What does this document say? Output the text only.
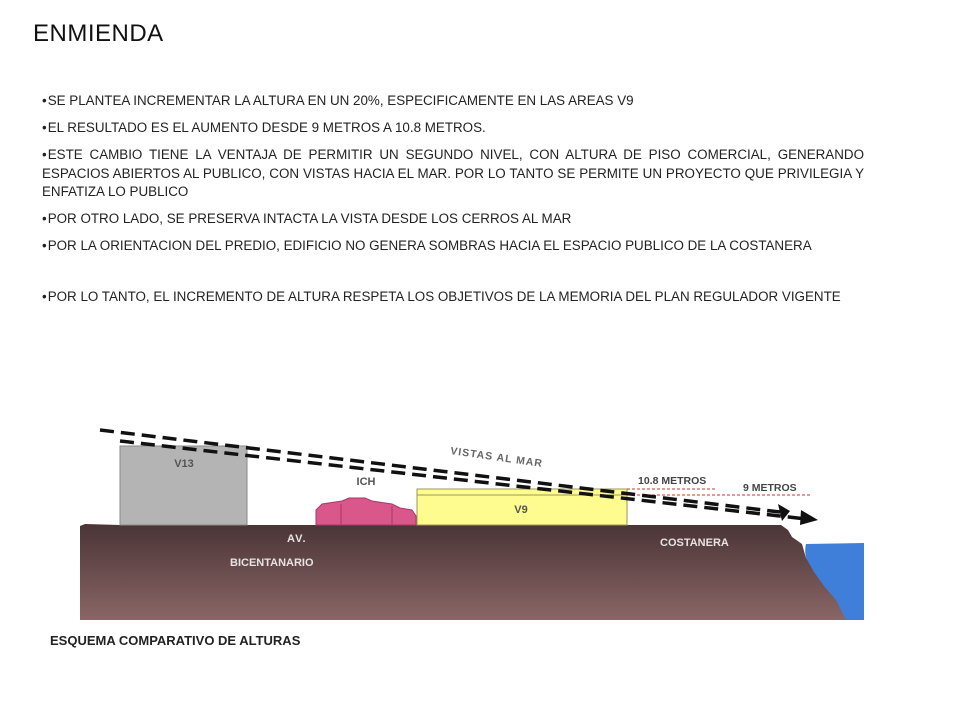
ENMIENDA
• SE PLANTEA INCREMENTAR LA ALTURA EN UN 20%, ESPECIFICAMENTE EN LAS AREAS V9
• EL RESULTADO ES EL AUMENTO DESDE 9 METROS A 10.8 METROS.
• ESTE CAMBIO TIENE LA VENTAJA DE PERMITIR UN SEGUNDO NIVEL, CON ALTURA DE PISO COMERCIAL, GENERANDO ESPACIOS ABIERTOS AL PUBLICO, CON VISTAS HACIA EL MAR. POR LO TANTO SE PERMITE UN PROYECTO QUE PRIVILEGIA Y ENFATIZA LO PUBLICO
• POR OTRO LADO, SE PRESERVA INTACTA LA VISTA DESDE LOS CERROS AL MAR
• POR LA ORIENTACION DEL PREDIO, EDIFICIO NO GENERA SOMBRAS HACIA EL ESPACIO PUBLICO DE LA COSTANERA
• POR LO TANTO, EL INCREMENTO DE ALTURA RESPETA LOS OBJETIVOS DE LA MEMORIA DEL PLAN REGULADOR VIGENTE
V13
ICH
V9
10.8 METROS
9 METROS
VISTAS AL MAR
AV.
BICENTANARIO
COSTANERA
ESQUEMA COMPARATIVO DE ALTURAS
